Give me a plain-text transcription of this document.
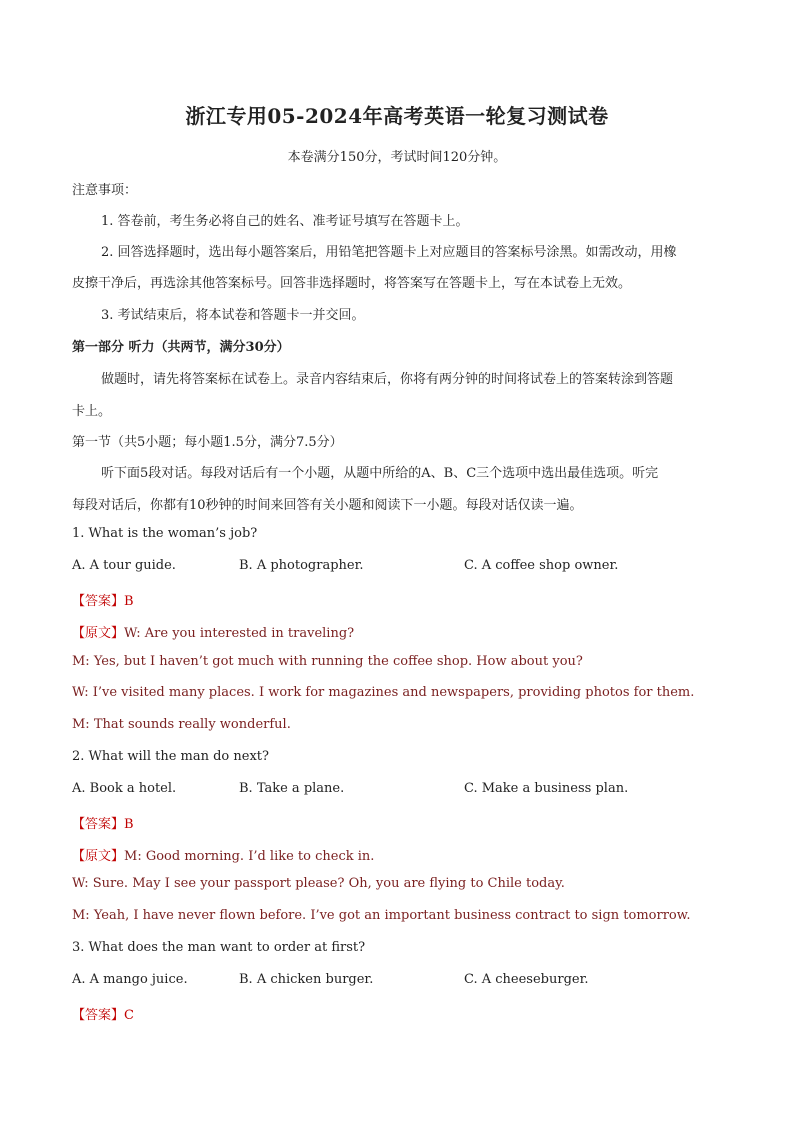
浙江专用05-2024年高考英语一轮复习测试卷
本卷满分150分，考试时间120分钟。
注意事项：
1. 答卷前，考生务必将自己的姓名、准考证号填写在答题卡上。
2. 回答选择题时，选出每小题答案后，用铅笔把答题卡上对应题目的答案标号涂黑。如需改动，用橡
皮擦干净后，再选涂其他答案标号。回答非选择题时，将答案写在答题卡上，写在本试卷上无效。
3. 考试结束后，将本试卷和答题卡一并交回。
第一部分 听力（共两节，满分30分）
做题时，请先将答案标在试卷上。录音内容结束后，你将有两分钟的时间将试卷上的答案转涂到答题
卡上。
第一节（共5小题；每小题1.5分，满分7.5分）
听下面5段对话。每段对话后有一个小题，从题中所给的A、B、C三个选项中选出最佳选项。听完
每段对话后，你都有10秒钟的时间来回答有关小题和阅读下一小题。每段对话仅读一遍。
1. What is the woman’s job?
A. A tour guide.	B. A photographer.	C. A coffee shop owner.
【答案】B
【原文】W: Are you interested in traveling?
M: Yes, but I haven’t got much with running the coffee shop. How about you?
W: I’ve visited many places. I work for magazines and newspapers, providing photos for them.
M: That sounds really wonderful.
2. What will the man do next?
A. Book a hotel.	B. Take a plane.	C. Make a business plan.
【答案】B
【原文】M: Good morning. I’d like to check in.
W: Sure. May I see your passport please? Oh, you are flying to Chile today.
M: Yeah, I have never flown before. I’ve got an important business contract to sign tomorrow.
3. What does the man want to order at first?
A. A mango juice.	B. A chicken burger.	C. A cheeseburger.
【答案】C
